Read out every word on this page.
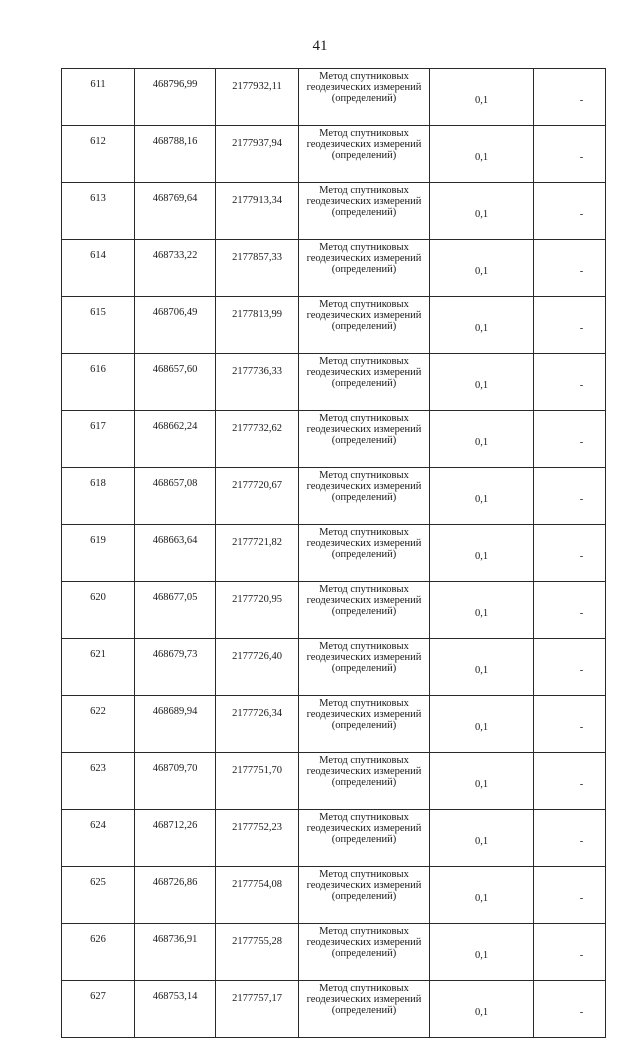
41
611	468796,99	2177932,11	Метод спутниковых
геодезических измерений
(определений)	0,1	-
612	468788,16	2177937,94	Метод спутниковых
геодезических измерений
(определений)	0,1	-
613	468769,64	2177913,34	Метод спутниковых
геодезических измерений
(определений)	0,1	-
614	468733,22	2177857,33	Метод спутниковых
геодезических измерений
(определений)	0,1	-
615	468706,49	2177813,99	Метод спутниковых
геодезических измерений
(определений)	0,1	-
616	468657,60	2177736,33	Метод спутниковых
геодезических измерений
(определений)	0,1	-
617	468662,24	2177732,62	Метод спутниковых
геодезических измерений
(определений)	0,1	-
618	468657,08	2177720,67	Метод спутниковых
геодезических измерений
(определений)	0,1	-
619	468663,64	2177721,82	Метод спутниковых
геодезических измерений
(определений)	0,1	-
620	468677,05	2177720,95	Метод спутниковых
геодезических измерений
(определений)	0,1	-
621	468679,73	2177726,40	Метод спутниковых
геодезических измерений
(определений)	0,1	-
622	468689,94	2177726,34	Метод спутниковых
геодезических измерений
(определений)	0,1	-
623	468709,70	2177751,70	Метод спутниковых
геодезических измерений
(определений)	0,1	-
624	468712,26	2177752,23	Метод спутниковых
геодезических измерений
(определений)	0,1	-
625	468726,86	2177754,08	Метод спутниковых
геодезических измерений
(определений)	0,1	-
626	468736,91	2177755,28	Метод спутниковых
геодезических измерений
(определений)	0,1	-
627	468753,14	2177757,17	Метод спутниковых
геодезических измерений
(определений)	0,1	-
